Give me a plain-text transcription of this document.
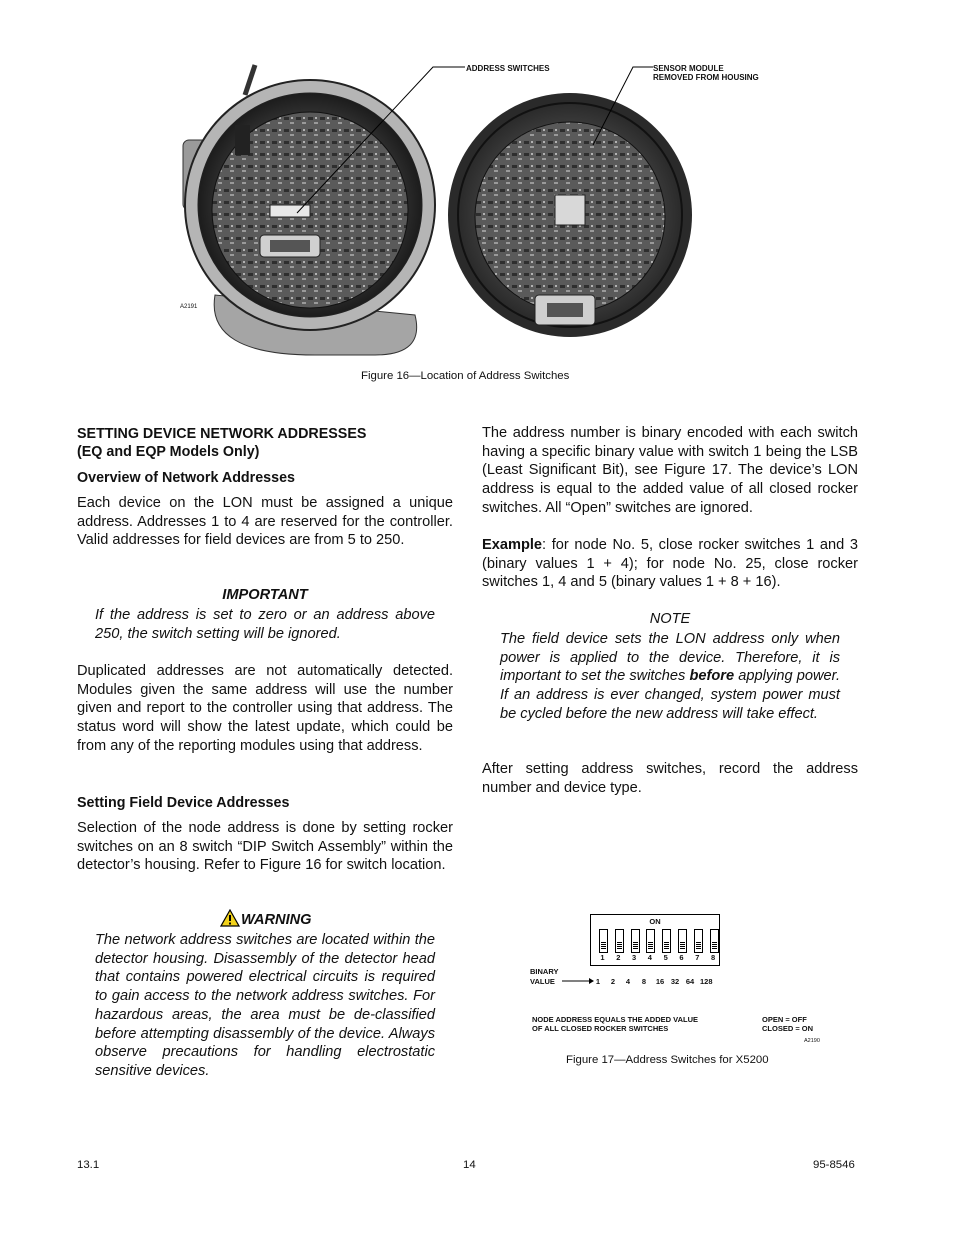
ADDRESS SWITCHES	SENSOR MODULE
REMOVED FROM HOUSING
A2191
Figure 16—Location of Address Switches
SETTING DEVICE NETWORK ADDRESSES
(EQ and EQP Models Only)
Overview of Network Addresses
Each device on the LON must be assigned a unique address. Addresses 1 to 4 are reserved for the controller. Valid addresses for field devices are from 5 to 250.
IMPORTANT
If the address is set to zero or an address above 250, the switch setting will be ignored.
Duplicated addresses are not automatically detected. Modules given the same address will use the number given and report to the controller using that address. The status word will show the latest update, which could be from any of the reporting modules using that address.
Setting Field Device Addresses
Selection of the node address is done by setting rocker switches on an 8 switch “DIP Switch Assembly” within the detector’s housing. Refer to Figure 16 for switch location.
WARNING
The network address switches are located within the detector housing. Disassembly of the detector head that contains powered electrical circuits is required to gain access to the network address switches. For hazardous areas, the area must be de-classified before attempting disassembly of the device. Always observe precautions for handling electrostatic sensitive devices.
The address number is binary encoded with each switch having a specific binary value with switch 1 being the LSB (Least Significant Bit), see Figure 17. The device’s LON address is equal to the added value of all closed rocker switches. All “Open” switches are ignored.
Example: for node No. 5, close rocker switches 1 and 3 (binary values 1 + 4); for node No. 25, close rocker switches 1, 4 and 5 (binary values 1 + 8 + 16).
NOTE
The field device sets the LON address only when power is applied to the device. Therefore, it is important to set the switches before applying power. If an address is ever changed, system power must be cycled before the new address will take effect.
After setting address switches, record the address number and device type.
ON
1	2	3	4	5	6	7	8
BINARY
VALUE	1	2	4	8	16 32 64 128
NODE ADDRESS EQUALS THE ADDED VALUE
OF ALL CLOSED ROCKER SWITCHES
OPEN = OFF
CLOSED = ON
A2190
Figure 17—Address Switches for X5200
13.1	14	95-8546
